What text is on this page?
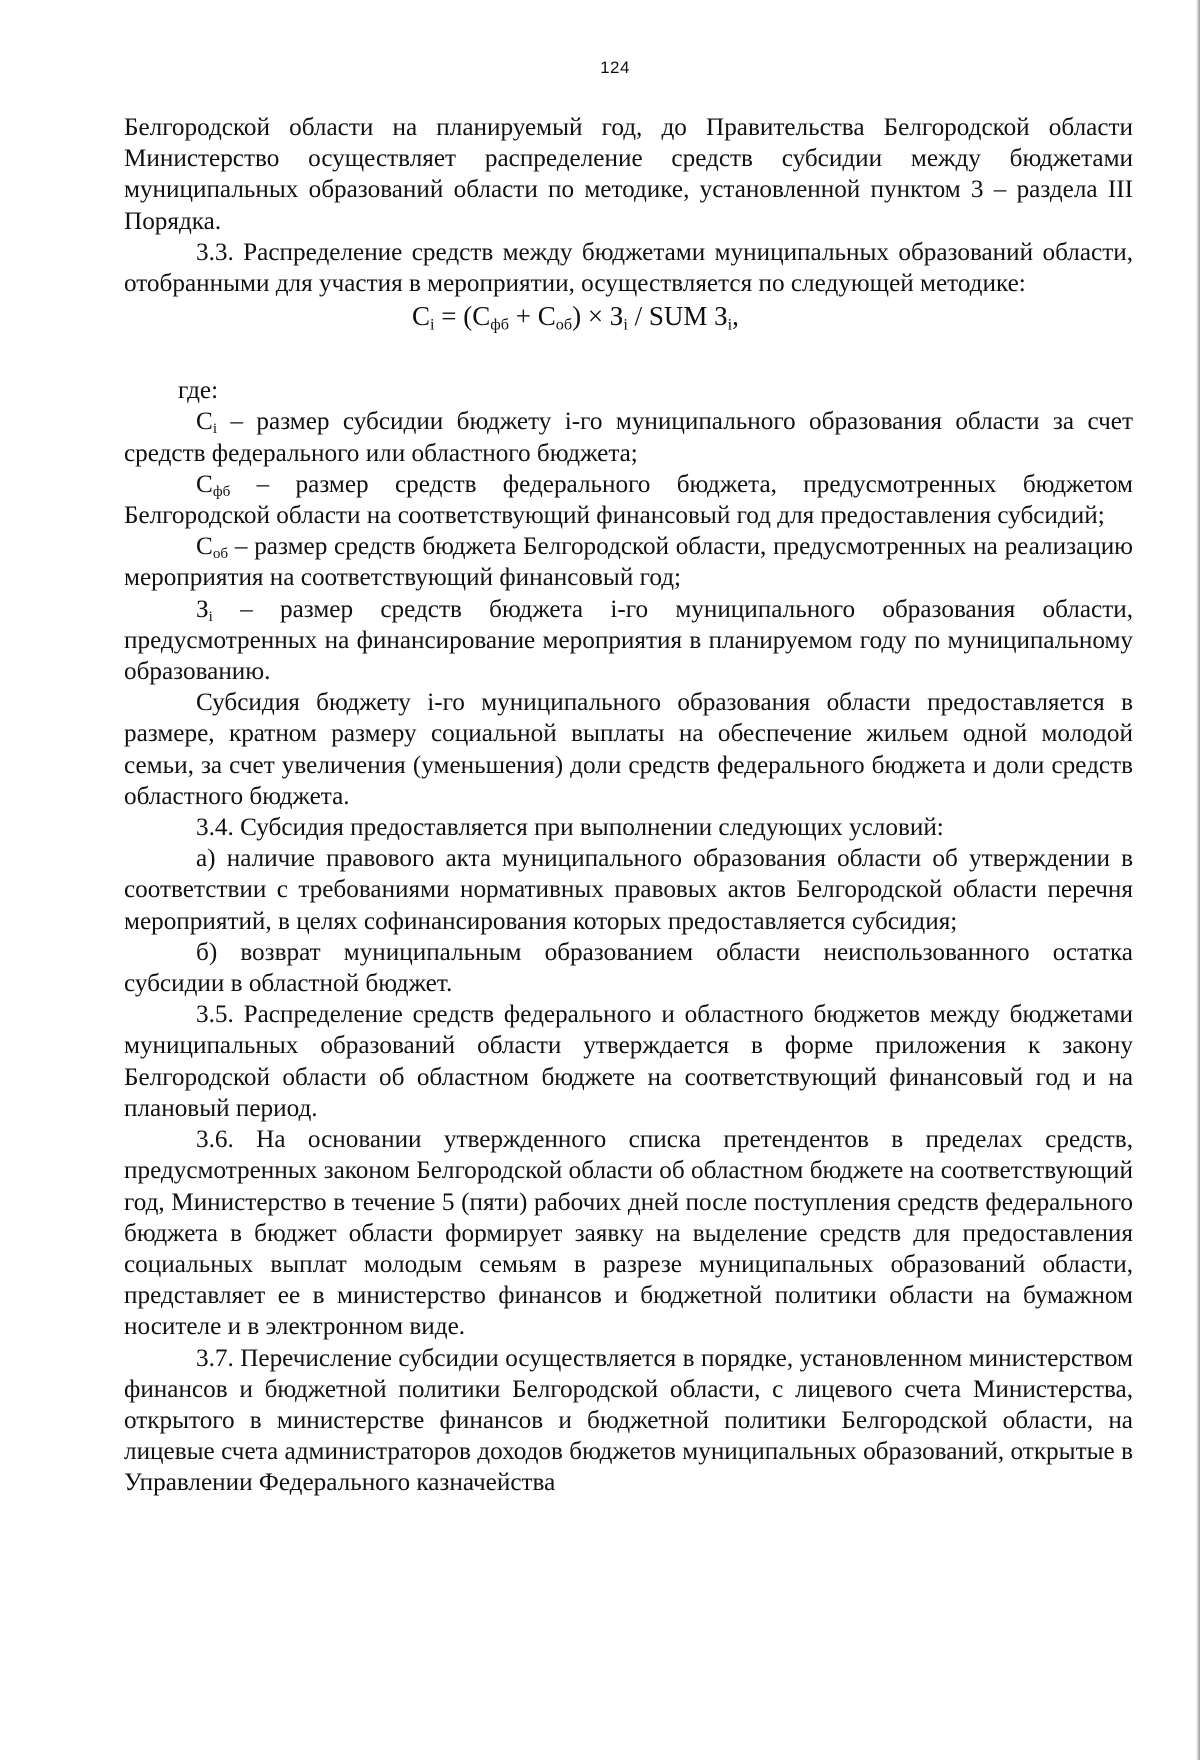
124

Белгородской области на планируемый год, до Правительства Белгородской области Министерство осуществляет распределение средств субсидии между бюджетами муниципальных образований области по методике, установленной пунктом 3 – раздела III Порядка.

3.3. Распределение средств между бюджетами муниципальных образований области, отобранными для участия в мероприятии, осуществляется по следующей методике:

$C_i = (C_{фб} + C_{об}) \times З_i$ / SUM $З_i$,

где:

$C_i$ – размер субсидии бюджету i-го муниципального образования области за счет средств федерального или областного бюджета;

$C_{фб}$ – размер средств федерального бюджета, предусмотренных бюджетом Белгородской области на соответствующий финансовый год для предоставления субсидий;

$C_{об}$ – размер средств бюджета Белгородской области, предусмотренных на реализацию мероприятия на соответствующий финансовый год;

$З_i$ – размер средств бюджета i-го муниципального образования области, предусмотренных на финансирование мероприятия в планируемом году по муниципальному образованию.

Субсидия бюджету i-го муниципального образования области предоставляется в размере, кратном размеру социальной выплаты на обеспечение жильем одной молодой семьи, за счет увеличения (уменьшения) доли средств федерального бюджета и доли средств областного бюджета.

3.4. Субсидия предоставляется при выполнении следующих условий:

а) наличие правового акта муниципального образования области об утверждении в соответствии с требованиями нормативных правовых актов Белгородской области перечня мероприятий, в целях софинансирования которых предоставляется субсидия;

б) возврат муниципальным образованием области неиспользованного остатка субсидии в областной бюджет.

3.5. Распределение средств федерального и областного бюджетов между бюджетами муниципальных образований области утверждается в форме приложения к закону Белгородской области об областном бюджете на соответствующий финансовый год и на плановый период.

3.6. На основании утвержденного списка претендентов в пределах средств, предусмотренных законом Белгородской области об областном бюджете на соответствующий год, Министерство в течение 5 (пяти) рабочих дней после поступления средств федерального бюджета в бюджет области формирует заявку на выделение средств для предоставления социальных выплат молодым семьям в разрезе муниципальных образований области, представляет ее в министерство финансов и бюджетной политики области на бумажном носителе и в электронном виде.

3.7. Перечисление субсидии осуществляется в порядке, установленном министерством финансов и бюджетной политики Белгородской области, с лицевого счета Министерства, открытого в министерстве финансов и бюджетной политики Белгородской области, на лицевые счета администраторов доходов бюджетов муниципальных образований, открытые в Управлении Федерального казначейства
